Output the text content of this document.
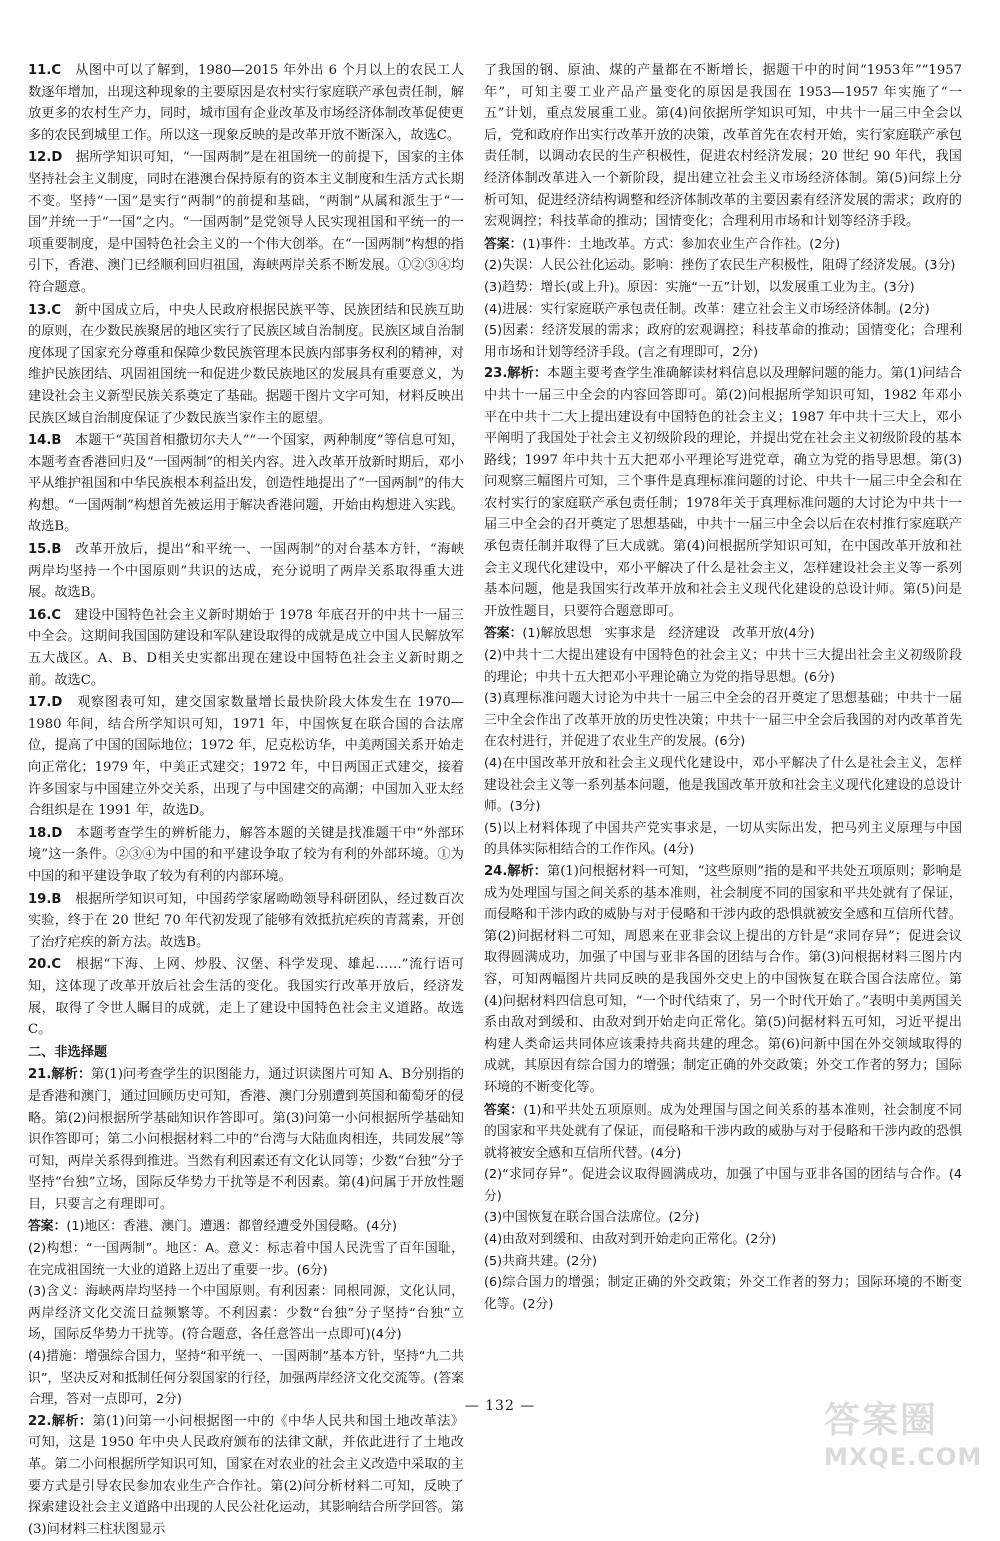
11.C　 从图中可以了解到，1980—2015 年外出 6 个月以上的农民工人数逐年增加，出现这种现象的主要原因是农村实行家庭联产承包责任制，解放更多的农村生产力，同时，城市国有企业改革及市场经济体制改革促使更多的农民到城里工作。所以这一现象反映的是改革开放不断深入，故选C。

12.D　 据所学知识可知，“一国两制”是在祖国统一的前提下，国家的主体坚持社会主义制度，同时在港澳台保持原有的资本主义制度和生活方式长期不变。坚持“一国”是实行“两制”的前提和基础，“两制”从属和派生于“一国”并统一于“一国”之内。“一国两制”是党领导人民实现祖国和平统一的一项重要制度，是中国特色社会主义的一个伟大创举。在“一国两制”构想的指引下，香港、澳门已经顺利回归祖国，海峡两岸关系不断发展。①②③④均符合题意。

13.C　 新中国成立后，中央人民政府根据民族平等、民族团结和民族互助的原则，在少数民族聚居的地区实行了民族区域自治制度。民族区域自治制度体现了国家充分尊重和保障少数民族管理本民族内部事务权利的精神，对维护民族团结、巩固祖国统一和促进少数民族地区的发展具有重要意义，为建设社会主义新型民族关系奠定了基础。据题干图片文字可知，材料反映出民族区域自治制度保证了少数民族当家作主的愿望。

14.B　 本题干“英国首相撒切尔夫人”“一个国家，两种制度”等信息可知，本题考查香港回归及“一国两制”的相关内容。进入改革开放新时期后，邓小平从维护祖国和中华民族根本利益出发，创造性地提出了“一国两制”的伟大构想。“一国两制”构想首先被运用于解决香港问题，开始由构想进入实践。故选B。

15.B　 改革开放后，提出“和平统一、一国两制”的对台基本方针，“海峡两岸均坚持一个中国原则”共识的达成，充分说明了两岸关系取得重大进展。故选B。

16.C　 建设中国特色社会主义新时期始于 1978 年底召开的中共十一届三中全会。这期间我国国防建设和军队建设取得的成就是成立中国人民解放军五大战区。A、B、D相关史实都出现在建设中国特色社会主义新时期之前。故选C。

17.D　 观察图表可知，建交国家数量增长最快阶段大体发生在 1970—1980 年间，结合所学知识可知，1971 年，中国恢复在联合国的合法席位，提高了中国的国际地位；1972 年，尼克松访华，中美两国关系开始走向正常化；1979 年，中美正式建交；1972 年，中日两国正式建交，接着许多国家与中国建立外交关系，出现了与中国建交的高潮；中国加入亚太经合组织是在 1991 年，故选D。

18.D　 本题考查学生的辨析能力，解答本题的关键是找准题干中“外部环境”这一条件。②③④为中国的和平建设争取了较为有利的外部环境。①为中国的和平建设争取了较为有利的内部环境。

19.B　 根据所学知识可知，中国药学家屠呦呦领导科研团队，经过数百次实验，终于在 20 世纪 70 年代初发现了能够有效抵抗疟疾的青蒿素，开创了治疗疟疾的新方法。故选B。

20.C　 根据“下海、上网、炒股、汉堡、科学发现、雄起……”流行语可知，这体现了改革开放后社会生活的变化。我国实行改革开放后，经济发展，取得了令世人瞩目的成就，走上了建设中国特色社会主义道路。故选C。

二、非选择题

21.解析：第(1)问考查学生的识图能力，通过识读图片可知 A、B分别指的是香港和澳门，通过回顾历史可知，香港、澳门分别遭到英国和葡萄牙的侵略。第(2)问根据所学基础知识作答即可。第(3)问第一小问根据所学基础知识作答即可；第二小问根据材料二中的“台湾与大陆血肉相连，共同发展”等可知，两岸关系得到推进。当然有利因素还有文化认同等；少数“台独”分子坚持“台独”立场，国际反华势力干扰等是不利因素。第(4)问属于开放性题目，只要言之有理即可。

答案：(1)地区：香港、澳门。遭遇：都曾经遭受外国侵略。(4分)

(2)构想：“一国两制”。地区：A。意义：标志着中国人民洗雪了百年国耻，在完成祖国统一大业的道路上迈出了重要一步。(6分)

(3)含义：海峡两岸均坚持一个中国原则。有利因素：同根同源，文化认同，两岸经济文化交流日益频繁等。不利因素：少数“台独”分子坚持“台独”立场，国际反华势力干扰等。(符合题意，各任意答出一点即可)(4分)

(4)措施：增强综合国力，坚持“和平统一、一国两制”基本方针，坚持“九二共识”，坚决反对和抵制任何分裂国家的行径，加强两岸经济文化交流等。(答案合理，答对一点即可，2分)

22.解析：第(1)问第一小问根据图一中的《中华人民共和国土地改革法》可知，这是 1950 年中央人民政府颁布的法律文献，并依此进行了土地改革。第二小问根据所学知识可知，国家在对农业的社会主义改造中采取的主要方式是引导农民参加农业生产合作社。第(2)问分析材料二可知，反映了探索建设社会主义道路中出现的人民公社化运动，其影响结合所学回答。第(3)问材料三柱状图显示

了我国的钢、原油、煤的产量都在不断增长，据题干中的时间“1953年”“1957 年”，可知主要工业产品产量变化的原因是我国在 1953—1957 年实施了“一五”计划，重点发展重工业。第(4)问依据所学知识可知，中共十一届三中全会以后，党和政府作出实行改革开放的决策，改革首先在农村开始，实行家庭联产承包责任制，以调动农民的生产积极性，促进农村经济发展；20 世纪 90 年代，我国经济体制改革进入一个新阶段，提出建立社会主义市场经济体制。第(5)问综上分析可知，促进经济结构调整和经济体制改革的主要因素有经济发展的需求；政府的宏观调控；科技革命的推动；国情变化；合理利用市场和计划等经济手段。

答案：(1)事件：土地改革。方式：参加农业生产合作社。(2分)

(2)失误：人民公社化运动。影响：挫伤了农民生产积极性，阻碍了经济发展。(3分)

(3)趋势：增长(或上升)。原因：实施“一五”计划，以发展重工业为主。(3分)

(4)进展：实行家庭联产承包责任制。改革：建立社会主义市场经济体制。(2分)

(5)因素：经济发展的需求；政府的宏观调控；科技革命的推动；国情变化；合理利用市场和计划等经济手段。(言之有理即可，2分)

23.解析：本题主要考查学生准确解读材料信息以及理解问题的能力。第(1)问结合中共十一届三中全会的内容回答即可。第(2)问根据所学知识可知，1982 年邓小平在中共十二大上提出建设有中国特色的社会主义；1987 年中共十三大上，邓小平阐明了我国处于社会主义初级阶段的理论，并提出党在社会主义初级阶段的基本路线；1997 年中共十五大把邓小平理论写进党章，确立为党的指导思想。第(3)问观察三幅图片可知，三个事件是真理标准问题的讨论、中共十一届三中全会和在农村实行的家庭联产承包责任制；1978年关于真理标准问题的大讨论为中共十一届三中全会的召开奠定了思想基础，中共十一届三中全会以后在农村推行家庭联产承包责任制并取得了巨大成就。第(4)问根据所学知识可知，在中国改革开放和社会主义现代化建设中，邓小平解决了什么是社会主义，怎样建设社会主义等一系列基本问题，他是我国实行改革开放和社会主义现代化建设的总设计师。第(5)问是开放性题目，只要符合题意即可。

答案：(1)解放思想　实事求是　经济建设　改革开放(4分)

(2)中共十二大提出建设有中国特色的社会主义；中共十三大提出社会主义初级阶段的理论；中共十五大把邓小平理论确立为党的指导思想。(6分)

(3)真理标准问题大讨论为中共十一届三中全会的召开奠定了思想基础；中共十一届三中全会作出了改革开放的历史性决策；中共十一届三中全会后我国的对内改革首先在农村进行，并促进了农业生产的发展。(6分)

(4)在中国改革开放和社会主义现代化建设中，邓小平解决了什么是社会主义，怎样建设社会主义等一系列基本问题，他是我国改革开放和社会主义现代化建设的总设计师。(3分)

(5)以上材料体现了中国共产党实事求是，一切从实际出发，把马列主义原理与中国的具体实际相结合的工作作风。(4分)

24.解析：第(1)问根据材料一可知，“这些原则”指的是和平共处五项原则；影响是成为处理国与国之间关系的基本准则，社会制度不同的国家和平共处就有了保证，而侵略和干涉内政的威胁与对于侵略和干涉内政的恐惧就被安全感和互信所代替。第(2)问据材料二可知，周恩来在亚非会议上提出的方针是“求同存异”；促进会议取得圆满成功，加强了中国与亚非各国的团结与合作。第(3)问根据材料三图片内容，可知两幅图片共同反映的是我国外交史上的中国恢复在联合国合法席位。第(4)问据材料四信息可知，“一个时代结束了，另一个时代开始了。”表明中美两国关系由敌对到缓和、由敌对到开始走向正常化。第(5)问据材料五可知，习近平提出构建人类命运共同体应该秉持共商共建的理念。第(6)问新中国在外交领域取得的成就，其原因有综合国力的增强；制定正确的外交政策；外交工作者的努力；国际环境的不断变化等。

答案：(1)和平共处五项原则。成为处理国与国之间关系的基本准则，社会制度不同的国家和平共处就有了保证，而侵略和干涉内政的威胁与对于侵略和干涉内政的恐惧就将被安全感和互信所代替。(4分)

(2)“求同存异”。促进会议取得圆满成功，加强了中国与亚非各国的团结与合作。(4分)

(3)中国恢复在联合国合法席位。(2分)

(4)由敌对到缓和、由敌对到开始走向正常化。(2分)

(5)共商共建。(2分)

(6)综合国力的增强；制定正确的外交政策；外交工作者的努力；国际环境的不断变化等。(2分)

— 132 —	答案圈
MXQE.COM
